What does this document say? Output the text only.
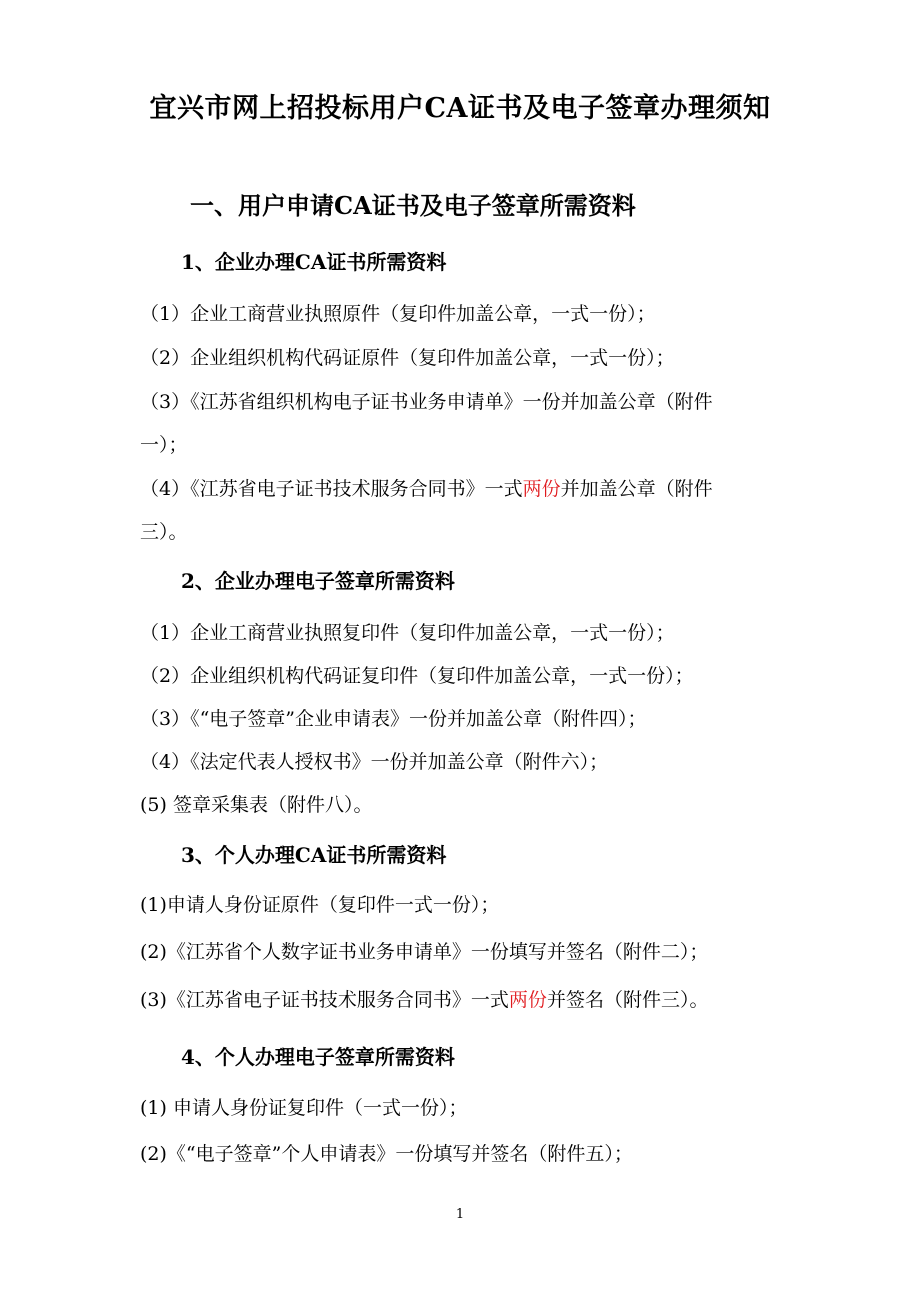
宜兴市网上招投标用户CA证书及电子签章办理须知
一、用户申请CA证书及电子签章所需资料
1、企业办理CA证书所需资料
（1）企业工商营业执照原件（复印件加盖公章，一式一份）；
（2）企业组织机构代码证原件（复印件加盖公章，一式一份）；
（3）《江苏省组织机构电子证书业务申请单》一份并加盖公章（附件
一）；
（4）《江苏省电子证书技术服务合同书》一式两份并加盖公章（附件
三）。
2、企业办理电子签章所需资料
（1）企业工商营业执照复印件（复印件加盖公章，一式一份）；
（2）企业组织机构代码证复印件（复印件加盖公章，一式一份）；
（3）《“电子签章”企业申请表》一份并加盖公章（附件四）；
（4）《法定代表人授权书》一份并加盖公章（附件六）；
(5) 签章采集表（附件八）。
3、个人办理CA证书所需资料
(1)申请人身份证原件（复印件一式一份）；
(2)《江苏省个人数字证书业务申请单》一份填写并签名（附件二）；
(3)《江苏省电子证书技术服务合同书》一式两份并签名（附件三）。
4、个人办理电子签章所需资料
(1) 申请人身份证复印件（一式一份）；
(2)《“电子签章”个人申请表》一份填写并签名（附件五）；
1
